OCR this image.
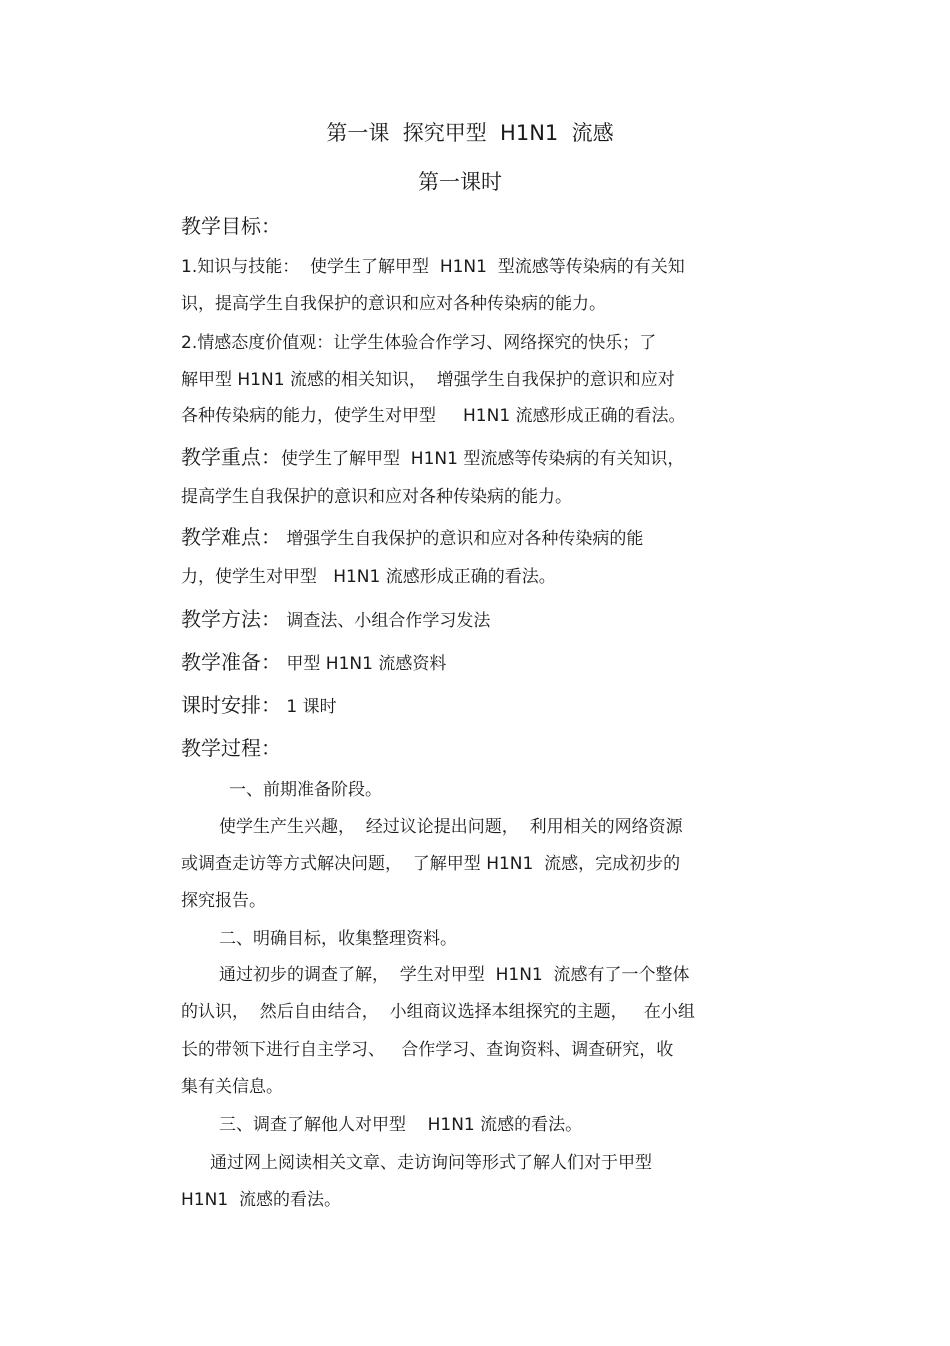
第一课  探究甲型  H1N1  流感
第一课时
教学目标：
1.知识与技能：  使学生了解甲型  H1N1  型流感等传染病的有关知
识，提高学生自我保护的意识和应对各种传染病的能力。
2.情感态度价值观：让学生体验合作学习、网络探究的快乐；了
解甲型 H1N1 流感的相关知识，  增强学生自我保护的意识和应对
各种传染病的能力，使学生对甲型     H1N1 流感形成正确的看法。
教学重点：使学生了解甲型  H1N1 型流感等传染病的有关知识，
提高学生自我保护的意识和应对各种传染病的能力。
教学难点： 增强学生自我保护的意识和应对各种传染病的能
力，使学生对甲型   H1N1 流感形成正确的看法。
教学方法： 调查法、小组合作学习发法
教学准备： 甲型 H1N1 流感资料
课时安排： 1 课时
教学过程：
一、前期准备阶段。
使学生产生兴趣，  经过议论提出问题，  利用相关的网络资源
或调查走访等方式解决问题，  了解甲型 H1N1  流感，完成初步的
探究报告。
二、明确目标，收集整理资料。
通过初步的调查了解，  学生对甲型  H1N1  流感有了一个整体
的认识，  然后自由结合，  小组商议选择本组探究的主题，   在小组
长的带领下进行自主学习、   合作学习、查询资料、调查研究，收
集有关信息。
三、调查了解他人对甲型    H1N1 流感的看法。
通过网上阅读相关文章、走访询问等形式了解人们对于甲型
H1N1  流感的看法。
